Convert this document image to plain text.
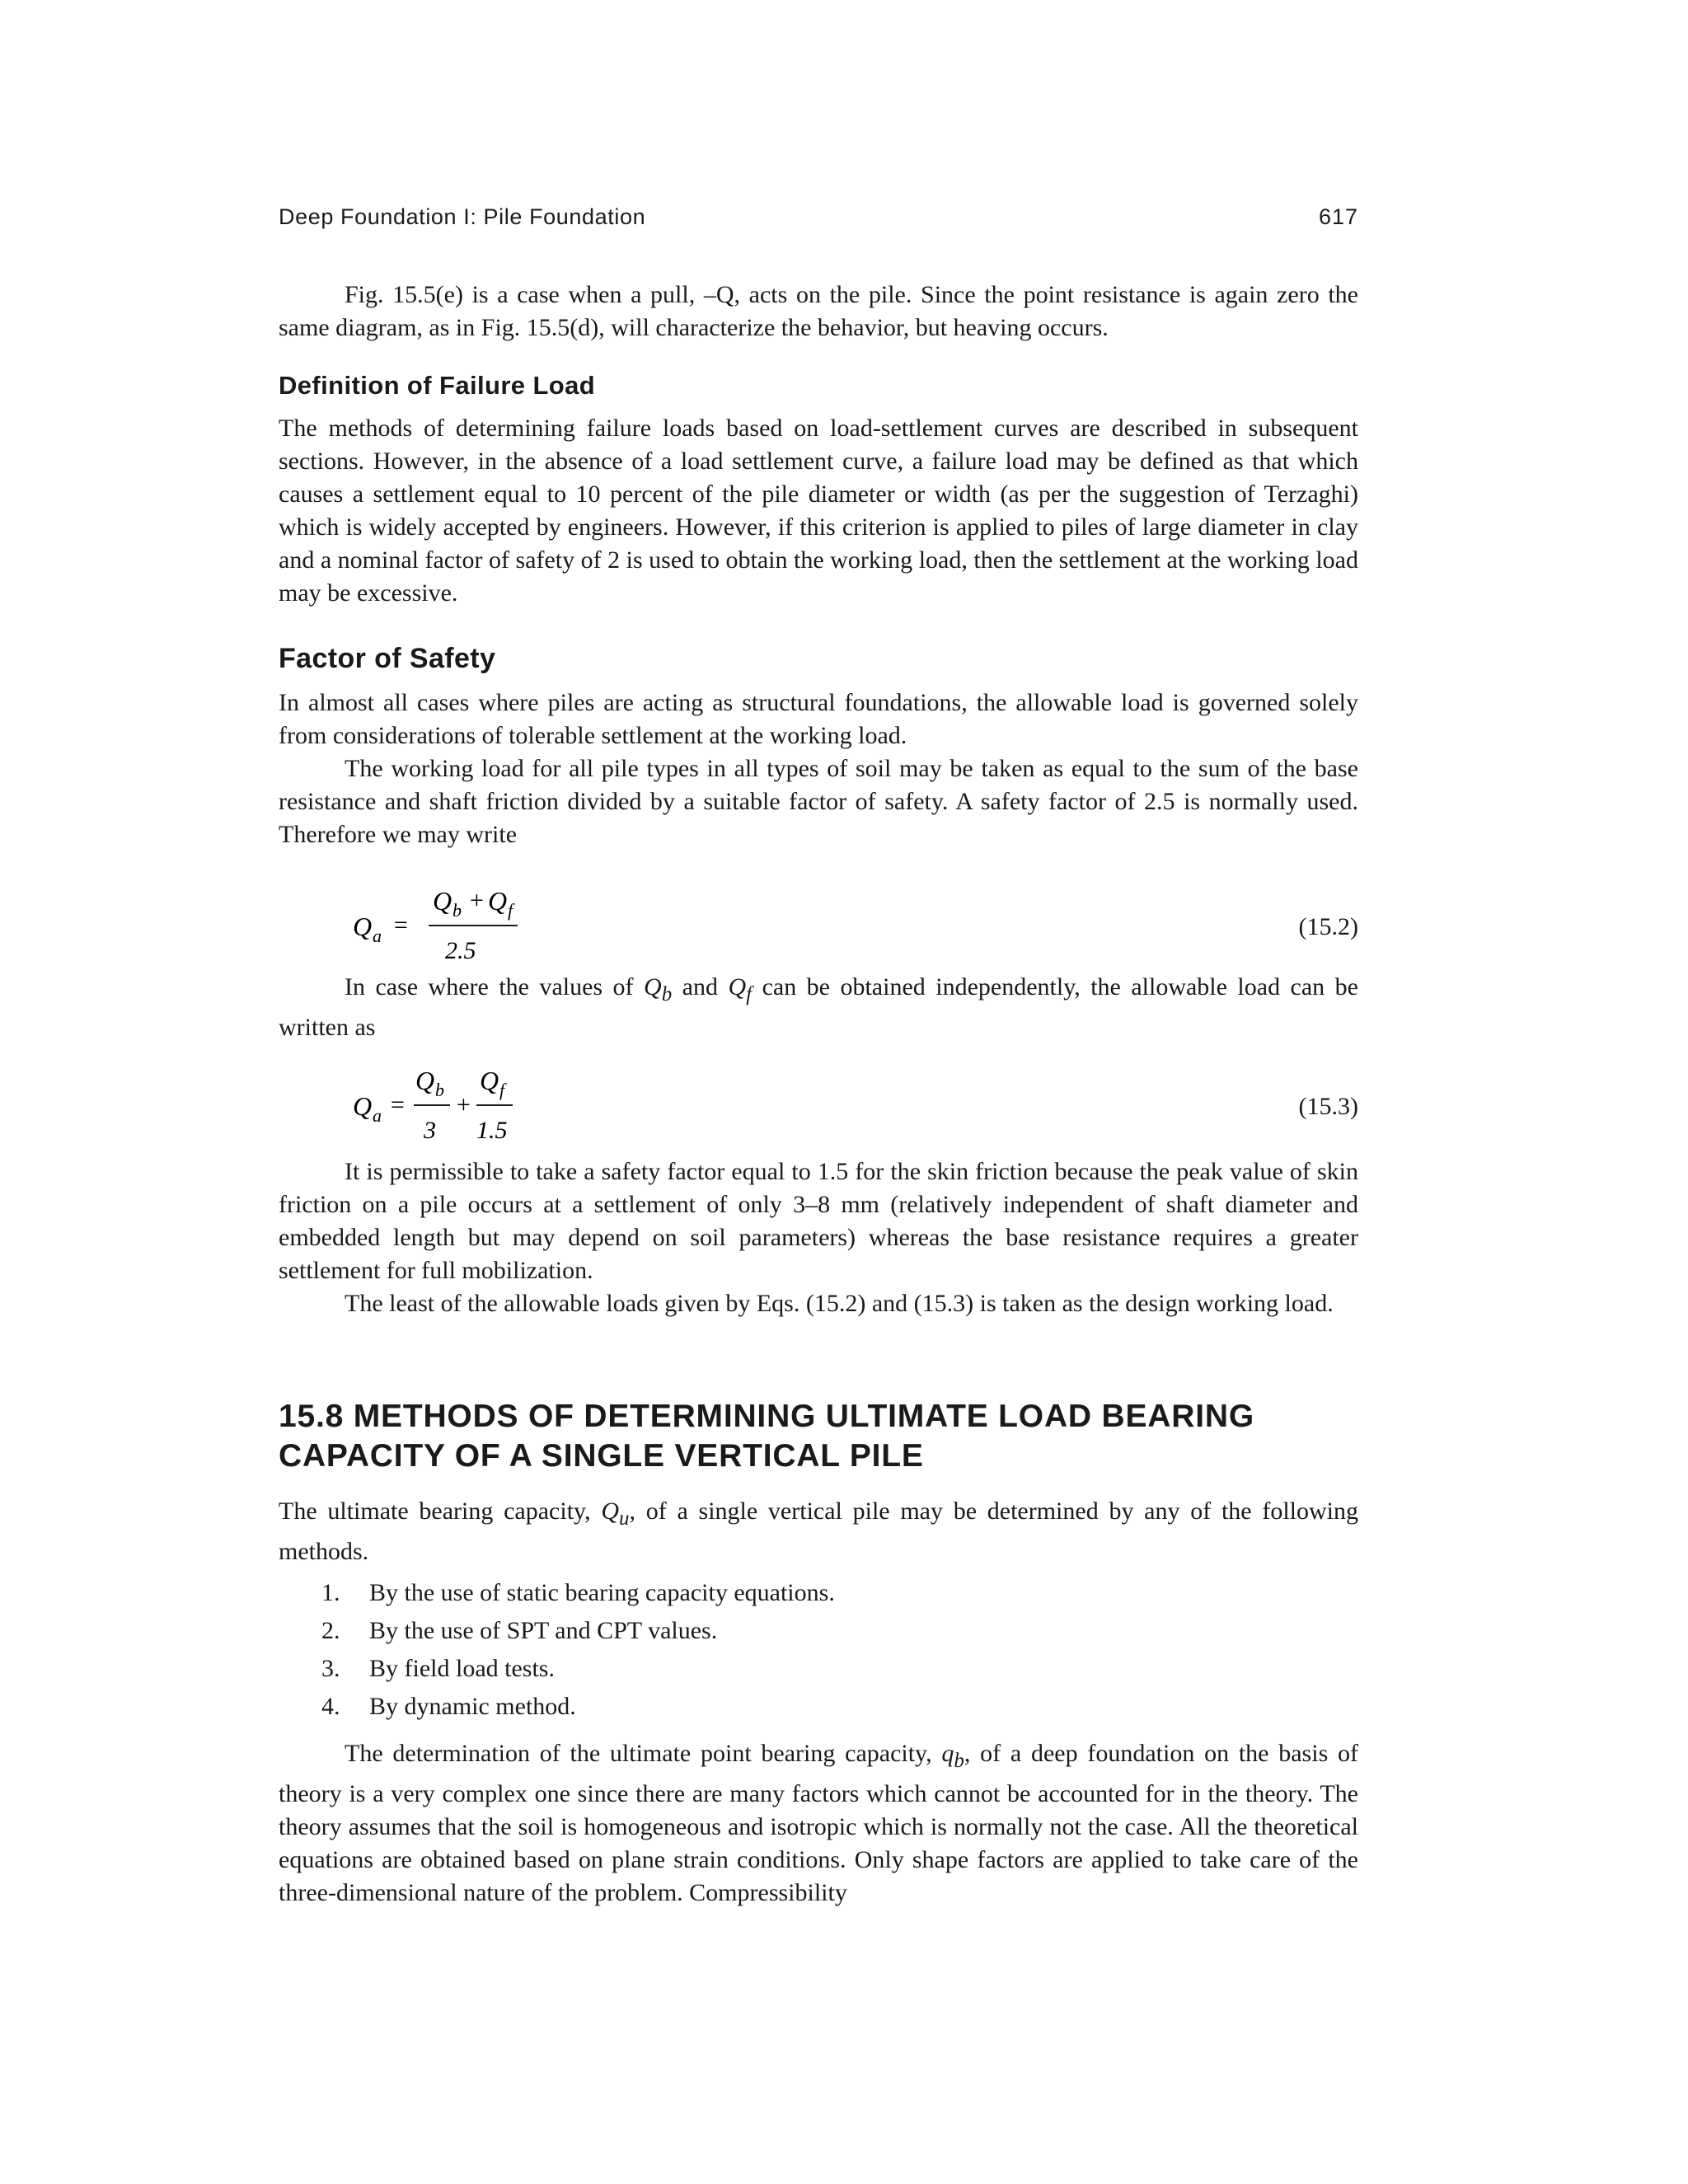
Deep Foundation I: Pile Foundation	617

Fig. 15.5(e) is a case when a pull, –Q, acts on the pile. Since the point resistance is again zero the same diagram, as in Fig. 15.5(d), will characterize the behavior, but heaving occurs.

Definition of Failure Load

The methods of determining failure loads based on load-settlement curves are described in subsequent sections. However, in the absence of a load settlement curve, a failure load may be defined as that which causes a settlement equal to 10 percent of the pile diameter or width (as per the suggestion of Terzaghi) which is widely accepted by engineers. However, if this criterion is applied to piles of large diameter in clay and a nominal factor of safety of 2 is used to obtain the working load, then the settlement at the working load may be excessive.

Factor of Safety

In almost all cases where piles are acting as structural foundations, the allowable load is governed solely from considerations of tolerable settlement at the working load.

The working load for all pile types in all types of soil may be taken as equal to the sum of the base resistance and shaft friction divided by a suitable factor of safety. A safety factor of 2.5 is normally used. Therefore we may write

Q a =
Q b + Q f
2.5
(15.2)

In case where the values of $Q_b$ and $Q_f$ can be obtained independently, the allowable load can be written as

Q a =
Q b
3
+
Q f
1.5
(15.3)

It is permissible to take a safety factor equal to 1.5 for the skin friction because the peak value of skin friction on a pile occurs at a settlement of only 3–8 mm (relatively independent of shaft diameter and embedded length but may depend on soil parameters) whereas the base resistance requires a greater settlement for full mobilization.

The least of the allowable loads given by Eqs. (15.2) and (15.3) is taken as the design working load.

15.8 METHODS OF DETERMINING ULTIMATE LOAD BEARING
CAPACITY OF A SINGLE VERTICAL PILE

The ultimate bearing capacity, $Q_u$, of a single vertical pile may be determined by any of the following methods.

1. By the use of static bearing capacity equations.
2. By the use of SPT and CPT values.
3. By field load tests.
4. By dynamic method.

The determination of the ultimate point bearing capacity, $q_b$, of a deep foundation on the basis of theory is a very complex one since there are many factors which cannot be accounted for in the theory. The theory assumes that the soil is homogeneous and isotropic which is normally not the case. All the theoretical equations are obtained based on plane strain conditions. Only shape factors are applied to take care of the three-dimensional nature of the problem. Compressibility
